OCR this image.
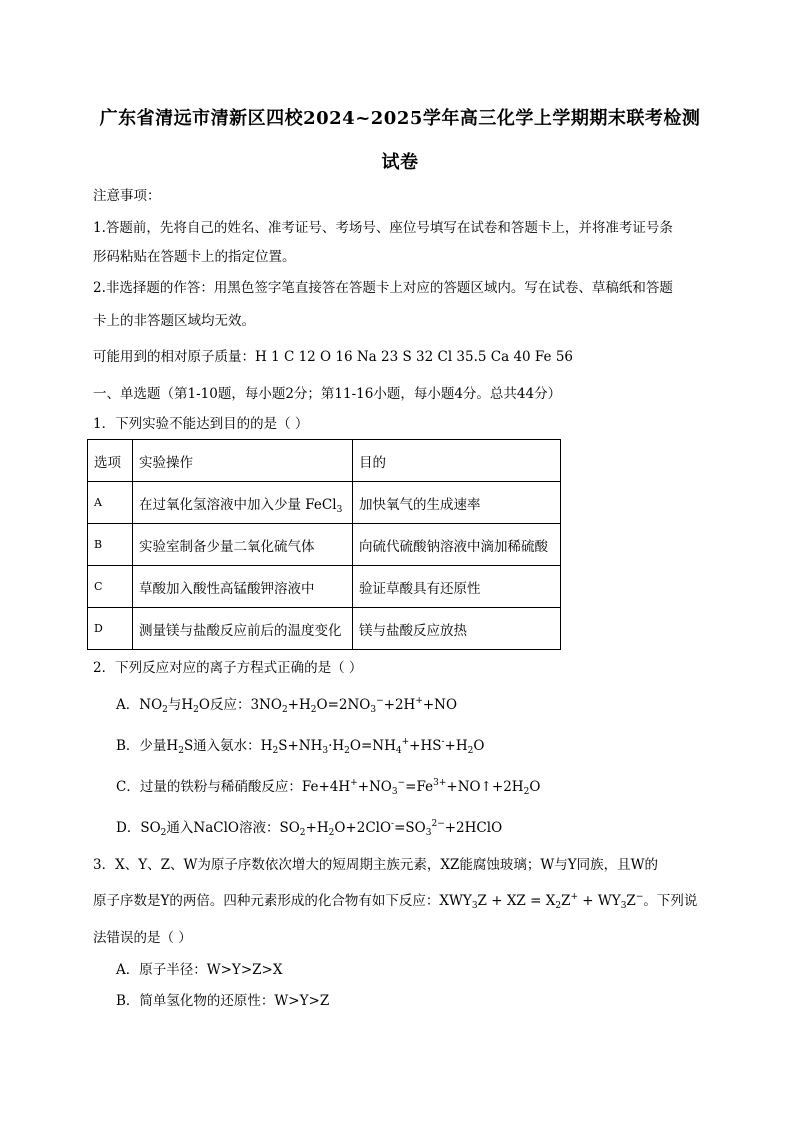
广东省清远市清新区四校2024~2025学年高三化学上学期期末联考检测
试卷
注意事项：
1.答题前，先将自己的姓名、准考证号、考场号、座位号填写在试卷和答题卡上，并将准考证号条
形码粘贴在答题卡上的指定位置。
2.非选择题的作答：用黑色签字笔直接答在答题卡上对应的答题区域内。写在试卷、草稿纸和答题
卡上的非答题区域均无效。
可能用到的相对原子质量：H 1 C 12 O 16 Na 23 S 32 Cl 35.5 Ca 40 Fe 56
一、单选题（第1-10题，每小题2分；第11-16小题，每小题4分。总共44分）
1．下列实验不能达到目的的是（ ）
选项	实验操作	目的
A	在过氧化氢溶液中加入少量 FeCl$_3$	加快氧气的生成速率
B	实验室制备少量二氧化硫气体	向硫代硫酸钠溶液中滴加稀硫酸
C	草酸加入酸性高锰酸钾溶液中	验证草酸具有还原性
D	测量镁与盐酸反应前后的温度变化	镁与盐酸反应放热
2．下列反应对应的离子方程式正确的是（ ）
A．$NO_2$与$H_2O$反应：$3NO_2+H_2O=2NO_3^-+2H^++NO$
B．少量$H_2S$通入氨水：$H_2S+NH_3\cdot H_2O=NH_4^++HS^-+H_2O$
C．过量的铁粉与稀硝酸反应：$Fe+4H^++NO_3^-=Fe^{3+}+NO↑+2H_2O$
D．$SO_2$通入NaClO溶液：$SO_2+H_2O+2ClO^-=SO_3^{2-}+2HClO$
3．X、Y、Z、W为原子序数依次增大的短周期主族元素，XZ能腐蚀玻璃；W与Y同族，且W的
原子序数是Y的两倍。四种元素形成的化合物有如下反应：$XWY_3Z$ + XZ = $X_2Z^+ + WY_3Z^-$。下列说
法错误的是（ ）
A．原子半径：W>Y>Z>X
B．简单氢化物的还原性：W>Y>Z
